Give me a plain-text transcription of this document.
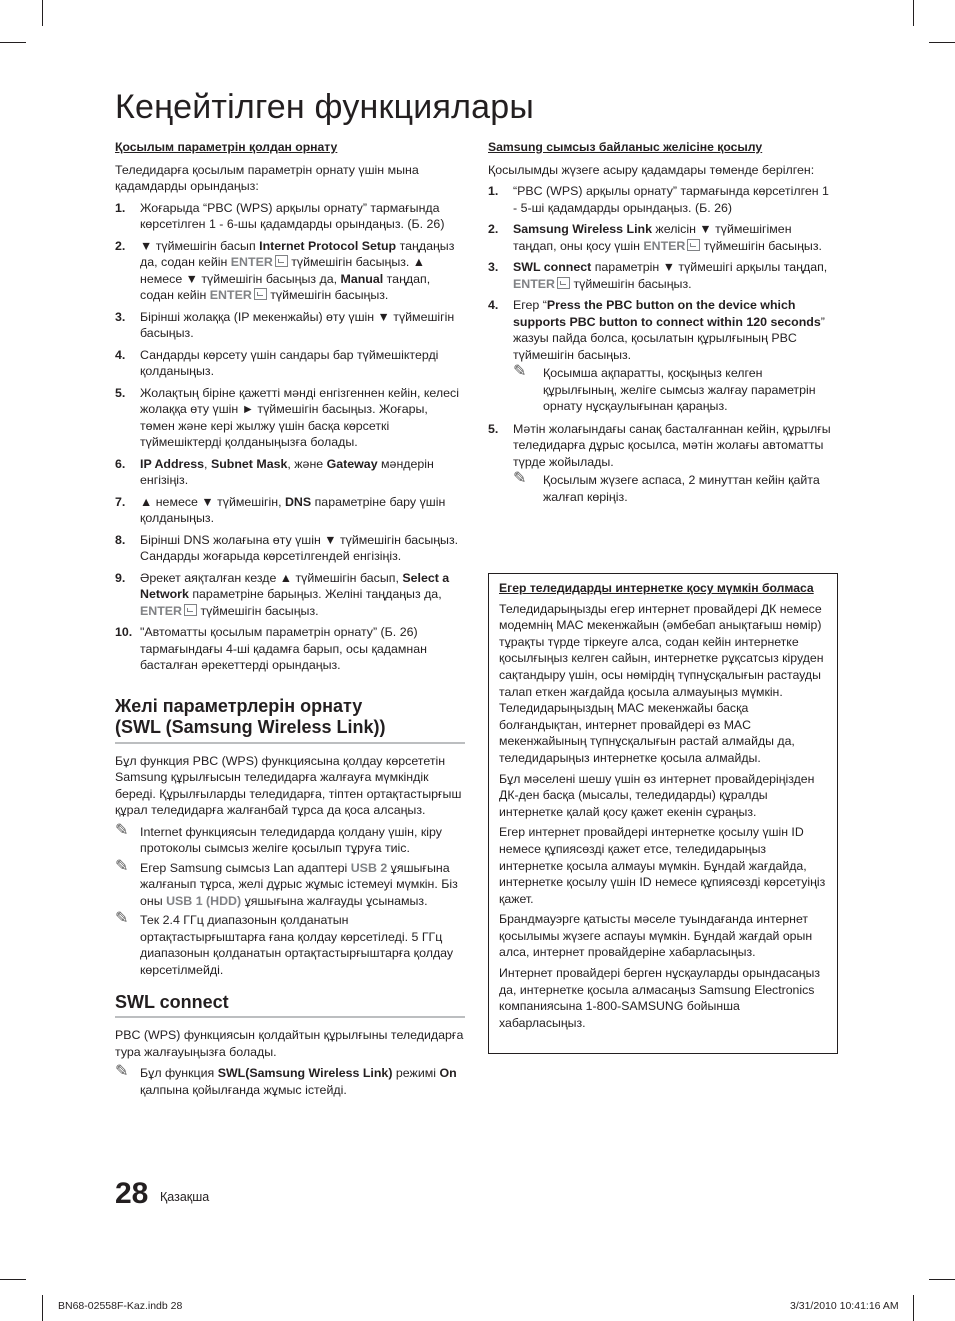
Кеңейтілген функциялары
Қосылым параметрін қолдан орнату

Теледидарға қосылым параметрін орнату үшін мына қадамдарды орындаңыз:

1.	Жоғарыда “PBC (WPS) арқылы орнату” тармағында көрсетілген 1 - 6-шы қадамдарды орындаңыз. (Б. 26)
2.	▼ түймешігін басып Internet Protocol Setup таңдаңыз да, содан кейін ENTER түймешігін басыңыз. ▲ немесе ▼ түймешігін басыңыз да, Manual таңдап, содан кейін ENTER түймешігін басыңыз.
3.	Бірінші жолаққа (IP мекенжайы) өту үшін ▼ түймешігін басыңыз.
4.	Сандарды көрсету үшін сандары бар түймешіктерді қолданыңыз.
5.	Жолақтың біріне қажетті мәнді енгізгеннен кейін, келесі жолаққа өту үшін ► түймешігін басыңыз. Жоғары, төмен және кері жылжу үшін басқа көрсеткі түймешіктерді қолданыңызға болады.
6.	IP Address, Subnet Mask, және Gateway мәндерін енгізіңіз.
7.	▲ немесе ▼ түймешігін, DNS параметріне бару үшін қолданыңыз.
8.	Бірінші DNS жолағына өту үшін ▼ түймешігін басыңыз. Сандарды жоғарыда көрсетілгендей енгізіңіз.
9.	Әрекет аяқталған кезде ▲ түймешігін басып, Select a Network параметріне барыңыз. Желіні таңдаңыз да, ENTER түймешігін басыңыз.
10. "Автоматты қосылым параметрін орнату” (Б. 26) тармағындағы 4-ші қадамға барып, осы қадамнан басталған әрекеттерді орындаңыз.
Желі параметрлерін орнату
(SWL (Samsung Wireless Link))

Бұл функция PBC (WPS) функциясына қолдау көрсететін Samsung құрылғысын теледидарға жалғауға мүмкіндік береді. Құрылғыларды теледидарға, тіптен ортақтастырғыш құрал теледидарға жалғанбай тұрса да қоса алсаңыз.

✎ Internet функциясын теледидарда қолдану үшін, кіру протоколы сымсыз желіге қосылып тұруға тиіс.
✎ Егер Samsung сымсыз Lan адаптері USB 2 ұяшығына жалғанып тұрса, желі дұрыс жұмыс істемеуі мүмкін. Біз оны USB 1 (HDD) ұяшығына жалғауды ұсынамыз.
✎ Тек 2.4 ГГц диапазонын қолданатын ортақтастырғыштарға ғана қолдау көрсетіледі. 5 ГГц диапазонын қолданатын ортақтастырғыштарға қолдау көрсетілмейді.
SWL connect

PBC (WPS) функциясын қолдайтын құрылғыны теледидарға тура жалғауыңызға болады.

✎ Бұл функция SWL(Samsung Wireless Link) режимі On қалпына қойылғанда жұмыс істейді.
Samsung сымсыз байланыс желісіне қосылу

Қосылымды жүзеге асыру қадамдары төменде берілген:

1.	“PBC (WPS) арқылы орнату” тармағында көрсетілген 1 - 5-ші қадамдарды орындаңыз. (Б. 26)
2.	Samsung Wireless Link желісін ▼ түймешігімен таңдап, оны қосу үшін ENTER түймешігін басыңыз.
3.	SWL connect параметрін ▼ түймешігі арқылы таңдап, ENTER түймешігін басыңыз.
4.	Егер “Press the PBC button on the device which supports PBC button to connect within 120 seconds” жазуы пайда болса, қосылатын құрылғының PBC түймешігін басыңыз.
✎	Қосымша ақпаратты, қосқыңыз келген құрылғының, желіге сымсыз жалғау параметрін орнату нұсқаулығынан қараңыз.
5.	Мәтін жолағындағы санақ басталғаннан кейін, құрылғы теледидарға дұрыс қосылса, мәтін жолағы автоматты түрде жойылады.
✎	Қосылым жүзеге аспаса, 2 минуттан кейін қайта жалғап көріңіз.
Егер теледидарды интернетке қосу мүмкін болмаса

Теледидарыңызды егер интернет провайдері ДК немесе модемнің MAC мекенжайын (әмбебап анықтағыш нөмір) тұрақты түрде тіркеуге алса, содан кейін интернетке қосылғыңыз келген сайын, интернетке рұқсатсыз кіруден сақтандыру үшін, осы нөмірдің түпнұсқалығын растауды талап еткен жағдайда қосыла алмауыңыз мүмкін. Теледидарыңыздың MAC мекенжайы басқа болғандықтан, интернет провайдері өз MAC мекенжайының түпнұсқалығын растай алмайды да, теледидарыңыз интернетке қосыла алмайды.

Бұл мәселені шешу үшін өз интернет провайдеріңізден ДК-ден басқа (мысалы, теледидарды) құралды интернетке қалай қосу қажет екенін сұраңыз.

Егер интернет провайдері интернетке қосылу үшін ID немесе құпиясөзді қажет етсе, теледидарыңыз интернетке қосыла алмауы мүмкін. Бұндай жағдайда, интернетке қосылу үшін ID немесе құпиясөзді көрсетуіңіз қажет.

Брандмауэрге қатысты мәселе туындағанда интернет қосылымы жүзеге аспауы мүмкін. Бұндай жағдай орын алса, интернет провайдеріне хабарласыңыз.

Интернет провайдері берген нұсқауларды орындасаңыз да, интернетке қосыла алмасаңыз Samsung Electronics компаниясына 1-800-SAMSUNG бойынша хабарласыңыз.

28 Қазақша
BN68-02558F-Kaz.indb 28	3/31/2010 10:41:16 AM
